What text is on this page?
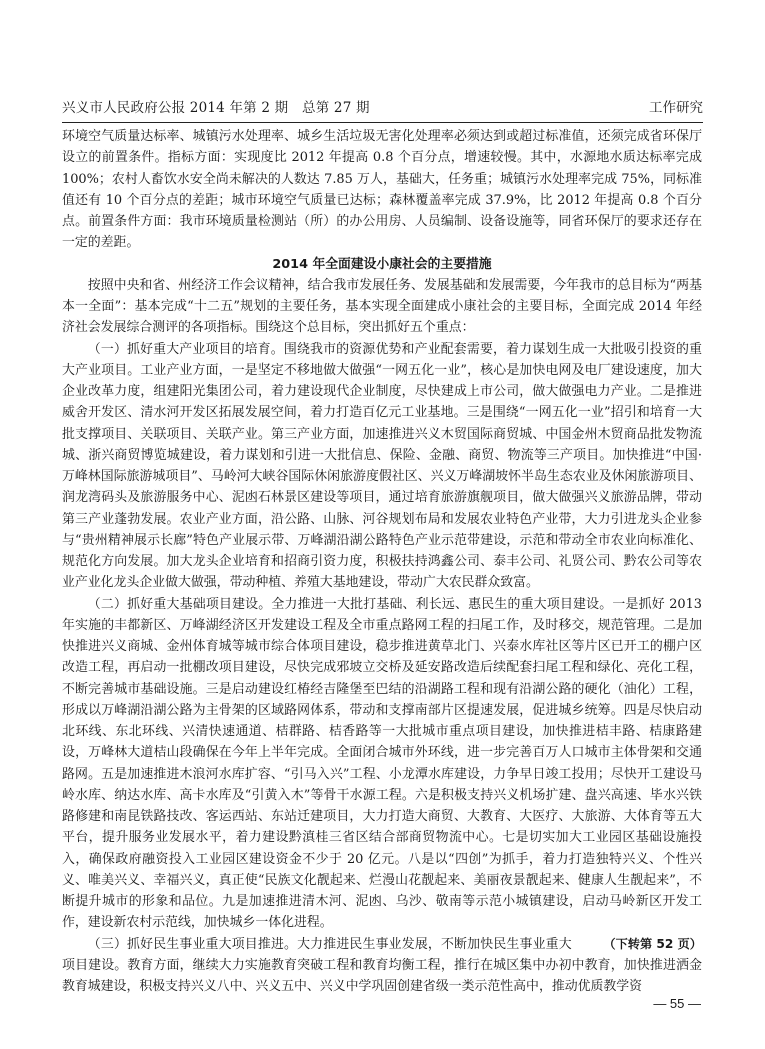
兴义市人民政府公报 2014 年第 2 期　总第 27 期	工作研究

环境空气质量达标率、城镇污水处理率、城乡生活垃圾无害化处理率必须达到或超过标准值，还须完成省环保厅设立的前置条件。指标方面：实现度比 2012 年提高 0.8 个百分点，增速较慢。其中，水源地水质达标率完成 100%；农村人畜饮水安全尚未解决的人数达 7.85 万人，基础大，任务重；城镇污水处理率完成 75%，同标准值还有 10 个百分点的差距；城市环境空气质量已达标；森林覆盖率完成 37.9%，比 2012 年提高 0.8 个百分点。前置条件方面：我市环境质量检测站（所）的办公用房、人员编制、设备设施等，同省环保厅的要求还存在一定的差距。

2014 年全面建设小康社会的主要措施

按照中央和省、州经济工作会议精神，结合我市发展任务、发展基础和发展需要，今年我市的总目标为“两基本一全面”：基本完成“十二五”规划的主要任务，基本实现全面建成小康社会的主要目标，全面完成 2014 年经济社会发展综合测评的各项指标。围绕这个总目标，突出抓好五个重点：

（一）抓好重大产业项目的培育。围绕我市的资源优势和产业配套需要，着力谋划生成一大批吸引投资的重大产业项目。工业产业方面，一是坚定不移地做大做强“一网五化一业”，核心是加快电网及电厂建设速度，加大企业改革力度，组建阳光集团公司，着力建设现代企业制度，尽快建成上市公司，做大做强电力产业。二是推进威舍开发区、清水河开发区拓展发展空间，着力打造百亿元工业基地。三是围绕“一网五化一业”招引和培育一大批支撑项目、关联项目、关联产业。第三产业方面，加速推进兴义木贸国际商贸城、中国金州木贸商品批发物流城、浙兴商贸博览城建设，着力谋划和引进一大批信息、保险、金融、商贸、物流等三产项目。加快推进“中国·万峰林国际旅游城项目”、马岭河大峡谷国际休闲旅游度假社区、兴义万峰湖坡怀半岛生态农业及休闲旅游项目、润龙湾码头及旅游服务中心、泥凼石林景区建设等项目，通过培育旅游旗舰项目，做大做强兴义旅游品牌，带动第三产业蓬勃发展。农业产业方面，沿公路、山脉、河谷规划布局和发展农业特色产业带，大力引进龙头企业参与“贵州精神展示长廊”特色产业展示带、万峰湖沿湖公路特色产业示范带建设，示范和带动全市农业向标准化、规范化方向发展。加大龙头企业培育和招商引资力度，积极扶持鸿鑫公司、泰丰公司、礼贤公司、黔农公司等农业产业化龙头企业做大做强，带动种植、养殖大基地建设，带动广大农民群众致富。

（二）抓好重大基础项目建设。全力推进一大批打基础、利长远、惠民生的重大项目建设。一是抓好 2013 年实施的丰都新区、万峰湖经济区开发建设工程及全市重点路网工程的扫尾工作，及时移交，规范管理。二是加快推进兴义商城、金州体育城等城市综合体项目建设，稳步推进黄草北门、兴泰水库社区等片区已开工的棚户区改造工程，再启动一批棚改项目建设，尽快完成邪坡立交桥及延安路改造后续配套扫尾工程和绿化、亮化工程，不断完善城市基础设施。三是启动建设红椿经吉隆堡至巴结的沿湖路工程和现有沿湖公路的硬化（油化）工程，形成以万峰湖沿湖公路为主骨架的区域路网体系，带动和支撑南部片区提速发展，促进城乡统筹。四是尽快启动北环线、东北环线、兴清快速通道、桔群路、桔香路等一大批城市重点项目建设，加快推进桔丰路、桔康路建设，万峰林大道桔山段确保在今年上半年完成。全面闭合城市外环线，进一步完善百万人口城市主体骨架和交通路网。五是加速推进木浪河水库扩容、“引马入兴”工程、小龙潭水库建设，力争早日竣工投用；尽快开工建设马岭水库、纳达水库、高卡水库及“引黄入木”等骨干水源工程。六是积极支持兴义机场扩建、盘兴高速、毕水兴铁路修建和南昆铁路技改、客运西站、东站迁建项目，大力打造大商贸、大教育、大医疗、大旅游、大体育等五大平台，提升服务业发展水平，着力建设黔滇桂三省区结合部商贸物流中心。七是切实加大工业园区基础设施投入，确保政府融资投入工业园区建设资金不少于 20 亿元。八是以“四创”为抓手，着力打造独特兴义、个性兴义、唯美兴义、幸福兴义，真正使“民族文化靓起来、烂漫山花靓起来、美丽夜景靓起来、健康人生靓起来”，不断提升城市的形象和品位。九是加速推进清木河、泥凼、乌沙、敬南等示范小城镇建设，启动马岭新区开发工作，建设新农村示范线，加快城乡一体化进程。

（下转第 52 页）
（三）抓好民生事业重大项目推进。大力推进民生事业发展，不断加快民生事业重大项目建设。教育方面，继续大力实施教育突破工程和教育均衡工程，推行在城区集中办初中教育，加快推进洒金教育城建设，积极支持兴义八中、兴义五中、兴义中学巩固创建省级一类示范性高中，推动优质教学资

— 55 —
